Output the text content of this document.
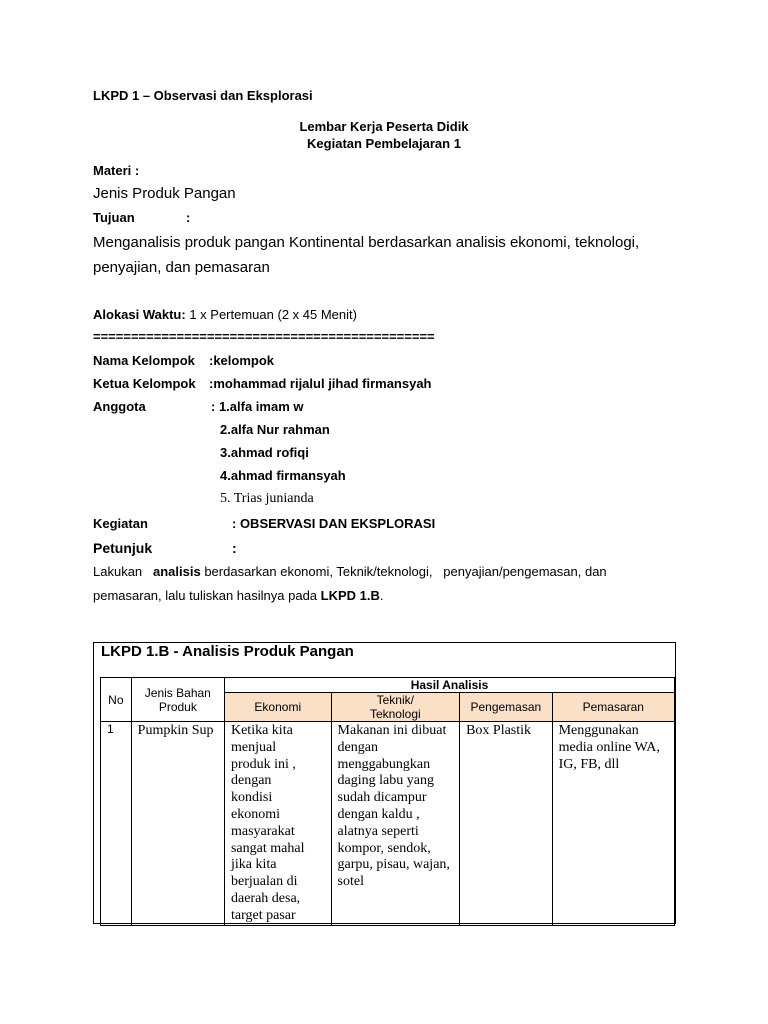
LKPD 1 – Observasi dan Eksplorasi
Lembar Kerja Peserta Didik
Kegiatan Pembelajaran 1
Materi :
Jenis Produk Pangan
Tujuan	:
Menganalisis produk pangan Kontinental berdasarkan analisis ekonomi, teknologi,
penyajian, dan pemasaran
Alokasi Waktu: 1 x Pertemuan (2 x 45 Menit)
=============================================
Nama Kelompok :kelompok
Ketua Kelompok :mohammad rijalul jihad firmansyah
Anggota	: 1.alfa imam w
2.alfa Nur rahman
3.ahmad rofiqi
4.ahmad firmansyah
5. Trias junianda
Kegiatan	: OBSERVASI DAN EKSPLORASI
Petunjuk	:
Lakukan analisis berdasarkan ekonomi, Teknik/teknologi, penyajian/pengemasan, dan
pemasaran, lalu tuliskan hasilnya pada LKPD 1.B.
LKPD 1.B - Analisis Produk Pangan
No	Jenis Bahan Produk	Hasil Analisis			
		Ekonomi	Teknik/ Teknologi	Pengemasan	Pemasaran
1	Pumpkin Sup	Ketika kita menjual produk ini , dengan kondisi ekonomi masyarakat sangat mahal jika kita berjualan di daerah desa, target pasar	Makanan ini dibuat dengan menggabungkan daging labu yang sudah dicampur dengan kaldu , alatnya seperti kompor, sendok, garpu, pisau, wajan, sotel	Box Plastik	Menggunakan media online WA, IG, FB, dll
